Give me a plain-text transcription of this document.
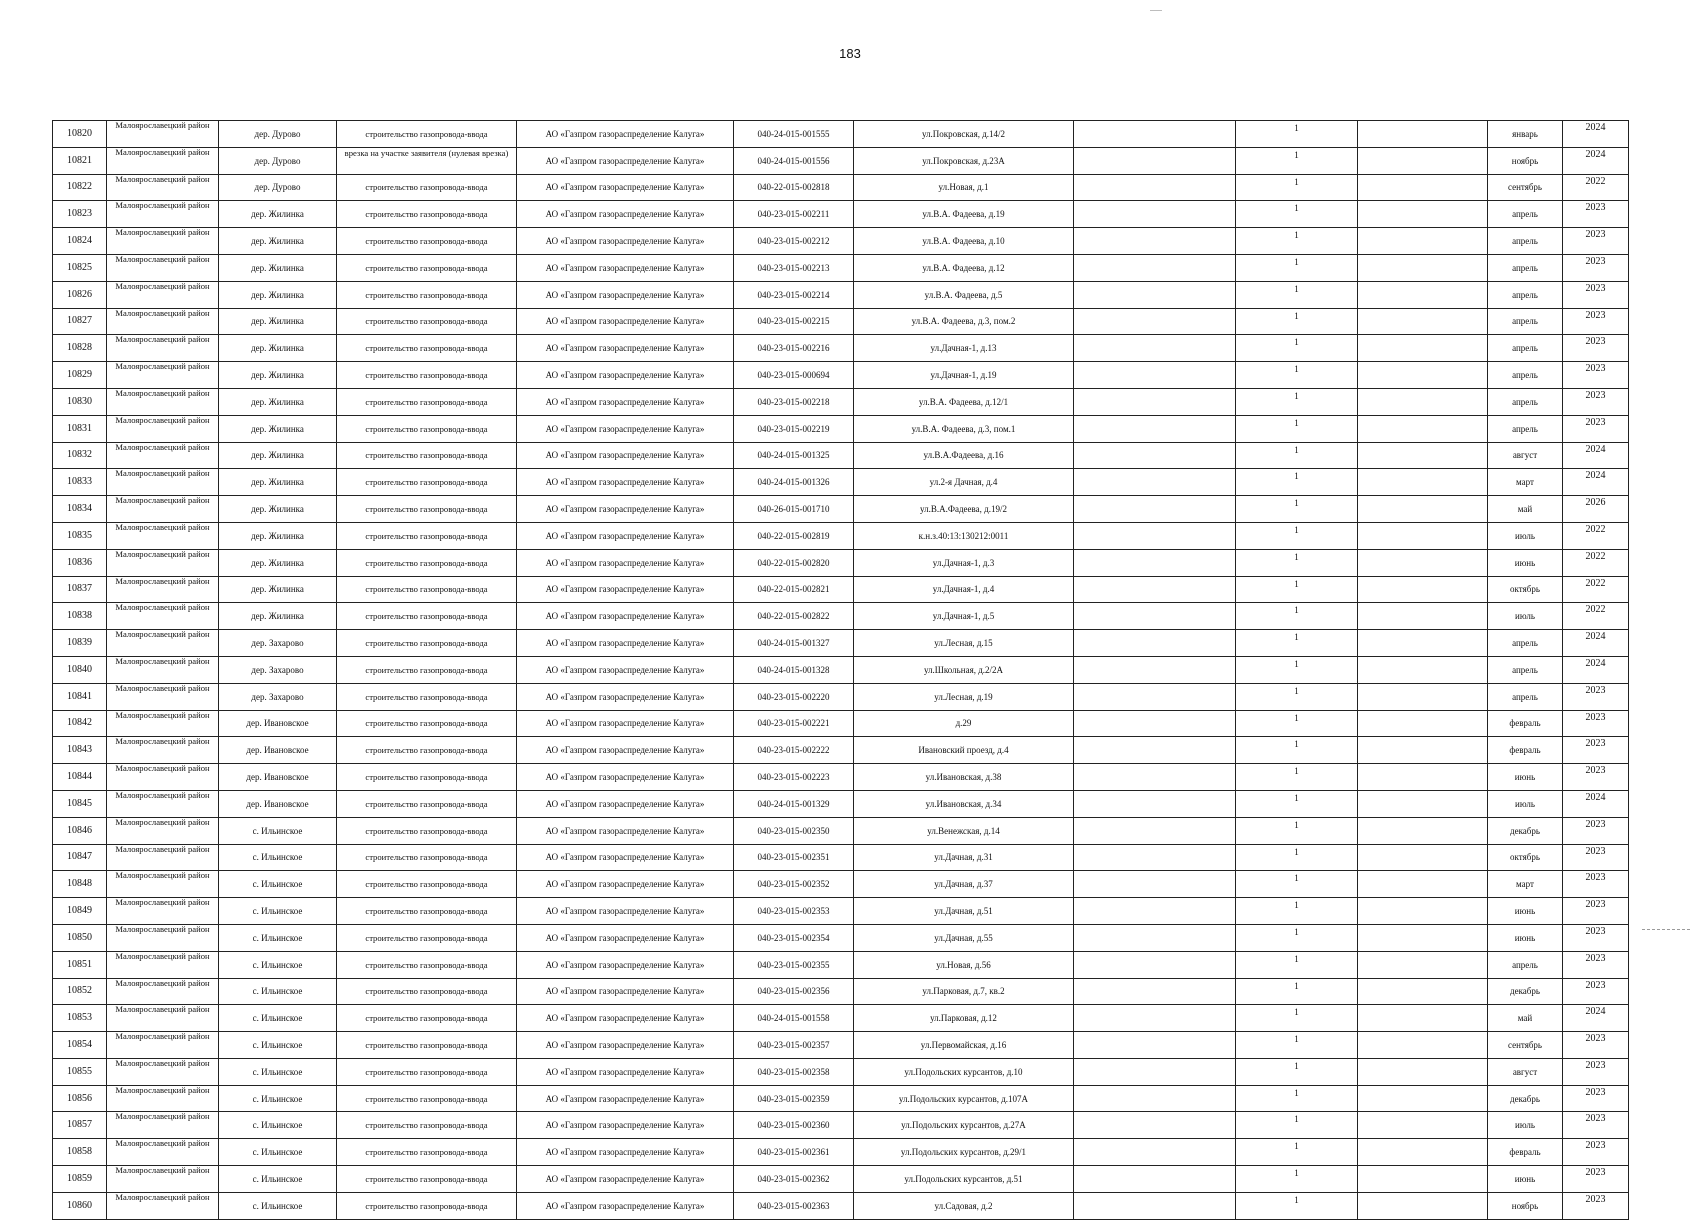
183
10820	Малоярославецкий район	дер. Дурово	строительство газопровода-ввода	АО «Газпром газораспределение Калуга»	040-24-015-001555	ул.Покровская, д.14/2		1		январь	2024
10821	Малоярославецкий район	дер. Дурово	врезка на участке заявителя (нулевая врезка)	АО «Газпром газораспределение Калуга»	040-24-015-001556	ул.Покровская, д.23А		1		ноябрь	2024
10822	Малоярославецкий район	дер. Дурово	строительство газопровода-ввода	АО «Газпром газораспределение Калуга»	040-22-015-002818	ул.Новая, д.1		1		сентябрь	2022
10823	Малоярославецкий район	дер. Жилинка	строительство газопровода-ввода	АО «Газпром газораспределение Калуга»	040-23-015-002211	ул.В.А. Фадеева, д.19		1		апрель	2023
10824	Малоярославецкий район	дер. Жилинка	строительство газопровода-ввода	АО «Газпром газораспределение Калуга»	040-23-015-002212	ул.В.А. Фадеева, д.10		1		апрель	2023
10825	Малоярославецкий район	дер. Жилинка	строительство газопровода-ввода	АО «Газпром газораспределение Калуга»	040-23-015-002213	ул.В.А. Фадеева, д.12		1		апрель	2023
10826	Малоярославецкий район	дер. Жилинка	строительство газопровода-ввода	АО «Газпром газораспределение Калуга»	040-23-015-002214	ул.В.А. Фадеева, д.5		1		апрель	2023
10827	Малоярославецкий район	дер. Жилинка	строительство газопровода-ввода	АО «Газпром газораспределение Калуга»	040-23-015-002215	ул.В.А. Фадеева, д.3, пом.2		1		апрель	2023
10828	Малоярославецкий район	дер. Жилинка	строительство газопровода-ввода	АО «Газпром газораспределение Калуга»	040-23-015-002216	ул.Дачная-1, д.13		1		апрель	2023
10829	Малоярославецкий район	дер. Жилинка	строительство газопровода-ввода	АО «Газпром газораспределение Калуга»	040-23-015-000694	ул.Дачная-1, д.19		1		апрель	2023
10830	Малоярославецкий район	дер. Жилинка	строительство газопровода-ввода	АО «Газпром газораспределение Калуга»	040-23-015-002218	ул.В.А. Фадеева, д.12/1		1		апрель	2023
10831	Малоярославецкий район	дер. Жилинка	строительство газопровода-ввода	АО «Газпром газораспределение Калуга»	040-23-015-002219	ул.В.А. Фадеева, д.3, пом.1		1		апрель	2023
10832	Малоярославецкий район	дер. Жилинка	строительство газопровода-ввода	АО «Газпром газораспределение Калуга»	040-24-015-001325	ул.В.А.Фадеева, д.16		1		август	2024
10833	Малоярославецкий район	дер. Жилинка	строительство газопровода-ввода	АО «Газпром газораспределение Калуга»	040-24-015-001326	ул.2-я Дачная, д.4		1		март	2024
10834	Малоярославецкий район	дер. Жилинка	строительство газопровода-ввода	АО «Газпром газораспределение Калуга»	040-26-015-001710	ул.В.А.Фадеева, д.19/2		1		май	2026
10835	Малоярославецкий район	дер. Жилинка	строительство газопровода-ввода	АО «Газпром газораспределение Калуга»	040-22-015-002819	к.н.з.40:13:130212:0011		1		июль	2022
10836	Малоярославецкий район	дер. Жилинка	строительство газопровода-ввода	АО «Газпром газораспределение Калуга»	040-22-015-002820	ул.Дачная-1, д.3		1		июнь	2022
10837	Малоярославецкий район	дер. Жилинка	строительство газопровода-ввода	АО «Газпром газораспределение Калуга»	040-22-015-002821	ул.Дачная-1, д.4		1		октябрь	2022
10838	Малоярославецкий район	дер. Жилинка	строительство газопровода-ввода	АО «Газпром газораспределение Калуга»	040-22-015-002822	ул.Дачная-1, д.5		1		июль	2022
10839	Малоярославецкий район	дер. Захарово	строительство газопровода-ввода	АО «Газпром газораспределение Калуга»	040-24-015-001327	ул.Лесная, д.15		1		апрель	2024
10840	Малоярославецкий район	дер. Захарово	строительство газопровода-ввода	АО «Газпром газораспределение Калуга»	040-24-015-001328	ул.Школьная, д.2/2А		1		апрель	2024
10841	Малоярославецкий район	дер. Захарово	строительство газопровода-ввода	АО «Газпром газораспределение Калуга»	040-23-015-002220	ул.Лесная, д.19		1		апрель	2023
10842	Малоярославецкий район	дер. Ивановское	строительство газопровода-ввода	АО «Газпром газораспределение Калуга»	040-23-015-002221	д.29		1		февраль	2023
10843	Малоярославецкий район	дер. Ивановское	строительство газопровода-ввода	АО «Газпром газораспределение Калуга»	040-23-015-002222	Ивановский проезд, д.4		1		февраль	2023
10844	Малоярославецкий район	дер. Ивановское	строительство газопровода-ввода	АО «Газпром газораспределение Калуга»	040-23-015-002223	ул.Ивановская, д.38		1		июнь	2023
10845	Малоярославецкий район	дер. Ивановское	строительство газопровода-ввода	АО «Газпром газораспределение Калуга»	040-24-015-001329	ул.Ивановская, д.34		1		июль	2024
10846	Малоярославецкий район	с. Ильинское	строительство газопровода-ввода	АО «Газпром газораспределение Калуга»	040-23-015-002350	ул.Венежская, д.14		1		декабрь	2023
10847	Малоярославецкий район	с. Ильинское	строительство газопровода-ввода	АО «Газпром газораспределение Калуга»	040-23-015-002351	ул.Дачная, д.31		1		октябрь	2023
10848	Малоярославецкий район	с. Ильинское	строительство газопровода-ввода	АО «Газпром газораспределение Калуга»	040-23-015-002352	ул.Дачная, д.37		1		март	2023
10849	Малоярославецкий район	с. Ильинское	строительство газопровода-ввода	АО «Газпром газораспределение Калуга»	040-23-015-002353	ул.Дачная, д.51		1		июнь	2023
10850	Малоярославецкий район	с. Ильинское	строительство газопровода-ввода	АО «Газпром газораспределение Калуга»	040-23-015-002354	ул.Дачная, д.55		1		июнь	2023
10851	Малоярославецкий район	с. Ильинское	строительство газопровода-ввода	АО «Газпром газораспределение Калуга»	040-23-015-002355	ул.Новая, д.56		1		апрель	2023
10852	Малоярославецкий район	с. Ильинское	строительство газопровода-ввода	АО «Газпром газораспределение Калуга»	040-23-015-002356	ул.Парковая, д.7, кв.2		1		декабрь	2023
10853	Малоярославецкий район	с. Ильинское	строительство газопровода-ввода	АО «Газпром газораспределение Калуга»	040-24-015-001558	ул.Парковая, д.12		1		май	2024
10854	Малоярославецкий район	с. Ильинское	строительство газопровода-ввода	АО «Газпром газораспределение Калуга»	040-23-015-002357	ул.Первомайская, д.16		1		сентябрь	2023
10855	Малоярославецкий район	с. Ильинское	строительство газопровода-ввода	АО «Газпром газораспределение Калуга»	040-23-015-002358	ул.Подольских курсантов, д.10		1		август	2023
10856	Малоярославецкий район	с. Ильинское	строительство газопровода-ввода	АО «Газпром газораспределение Калуга»	040-23-015-002359	ул.Подольских курсантов, д.107А		1		декабрь	2023
10857	Малоярославецкий район	с. Ильинское	строительство газопровода-ввода	АО «Газпром газораспределение Калуга»	040-23-015-002360	ул.Подольских курсантов, д.27А		1		июль	2023
10858	Малоярославецкий район	с. Ильинское	строительство газопровода-ввода	АО «Газпром газораспределение Калуга»	040-23-015-002361	ул.Подольских курсантов, д.29/1		1		февраль	2023
10859	Малоярославецкий район	с. Ильинское	строительство газопровода-ввода	АО «Газпром газораспределение Калуга»	040-23-015-002362	ул.Подольских курсантов, д.51		1		июнь	2023
10860	Малоярославецкий район	с. Ильинское	строительство газопровода-ввода	АО «Газпром газораспределение Калуга»	040-23-015-002363	ул.Садовая, д.2		1		ноябрь	2023
